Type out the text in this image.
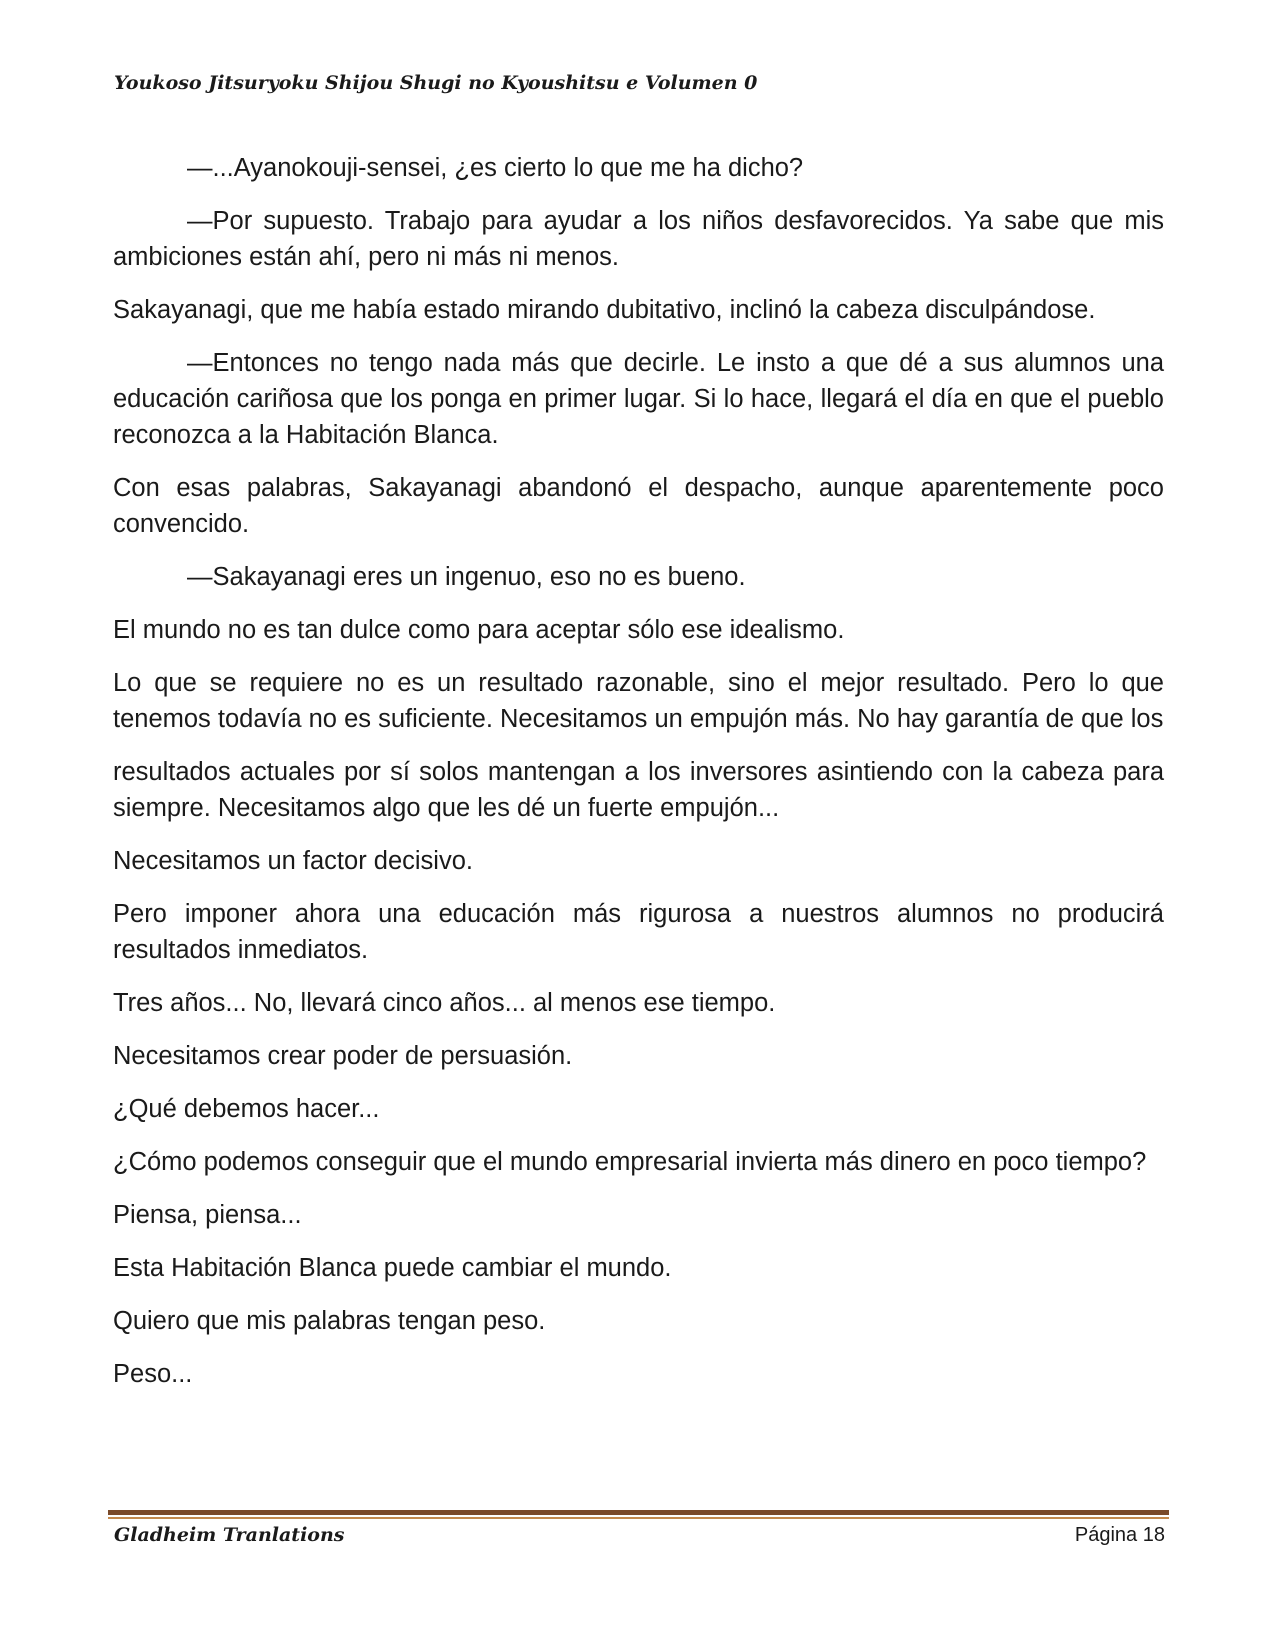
Youkoso Jitsuryoku Shijou Shugi no Kyoushitsu e Volumen 0

—...Ayanokouji-sensei, ¿es cierto lo que me ha dicho?

—Por supuesto. Trabajo para ayudar a los niños desfavorecidos. Ya sabe que mis ambiciones están ahí, pero ni más ni menos.

Sakayanagi, que me había estado mirando dubitativo, inclinó la cabeza disculpándose.

—Entonces no tengo nada más que decirle. Le insto a que dé a sus alumnos una educación cariñosa que los ponga en primer lugar. Si lo hace, llegará el día en que el pueblo reconozca a la Habitación Blanca.

Con esas palabras, Sakayanagi abandonó el despacho, aunque aparentemente poco convencido.

—Sakayanagi eres un ingenuo, eso no es bueno.

El mundo no es tan dulce como para aceptar sólo ese idealismo.

Lo que se requiere no es un resultado razonable, sino el mejor resultado. Pero lo que tenemos todavía no es suficiente. Necesitamos un empujón más. No hay garantía de que los

resultados actuales por sí solos mantengan a los inversores asintiendo con la cabeza para siempre. Necesitamos algo que les dé un fuerte empujón...

Necesitamos un factor decisivo.

Pero imponer ahora una educación más rigurosa a nuestros alumnos no producirá resultados inmediatos.

Tres años... No, llevará cinco años... al menos ese tiempo.

Necesitamos crear poder de persuasión.

¿Qué debemos hacer...

¿Cómo podemos conseguir que el mundo empresarial invierta más dinero en poco tiempo?

Piensa, piensa...

Esta Habitación Blanca puede cambiar el mundo.

Quiero que mis palabras tengan peso.

Peso...

Gladheim Tranlations	Página 18
